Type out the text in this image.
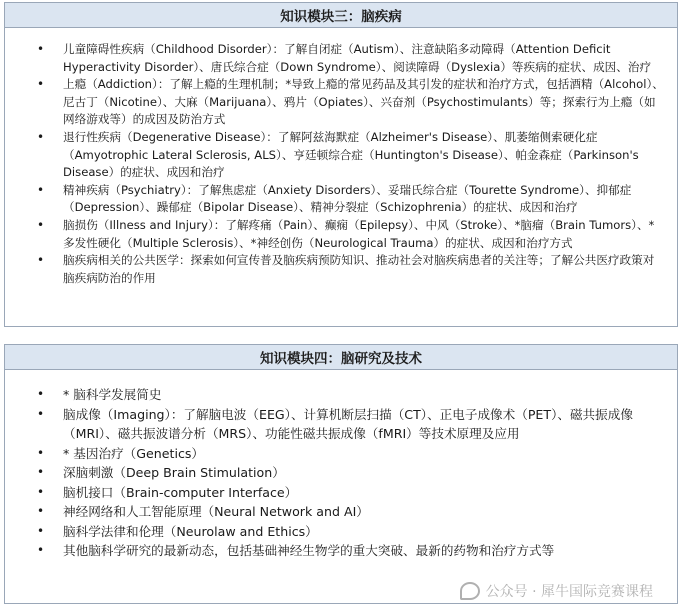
知识模块三：脑疾病
• 儿童障碍性疾病（Childhood Disorder）：了解自闭症（Autism）、注意缺陷多动障碍（Attention Deficit Hyperactivity Disorder）、唐氏综合症（Down Syndrome）、阅读障碍（Dyslexia）等疾病的症状、成因、治疗
• 上瘾（Addiction）：了解上瘾的生理机制；*导致上瘾的常见药品及其引发的症状和治疗方式，包括酒精（Alcohol）、尼古丁（Nicotine）、大麻（Marijuana）、鸦片（Opiates）、兴奋剂（Psychostimulants）等；探索行为上瘾（如网络游戏等）的成因及防治方式
• 退行性疾病（Degenerative Disease）：了解阿兹海默症（Alzheimer's Disease）、肌萎缩侧索硬化症（Amyotrophic Lateral Sclerosis, ALS）、亨廷顿综合症（Huntington's Disease）、帕金森症（Parkinson's Disease）的症状、成因和治疗
• 精神疾病（Psychiatry）：了解焦虑症（Anxiety Disorders）、妥瑞氏综合症（Tourette Syndrome）、抑郁症（Depression）、躁郁症（Bipolar Disease）、精神分裂症（Schizophrenia）的症状、成因和治疗
• 脑损伤（Illness and Injury）：了解疼痛（Pain）、癫痫（Epilepsy）、中风（Stroke）、*脑瘤（Brain Tumors）、*多发性硬化（Multiple Sclerosis）、*神经创伤（Neurological Trauma）的症状、成因和治疗方式
• 脑疾病相关的公共医学：探索如何宣传普及脑疾病预防知识、推动社会对脑疾病患者的关注等；了解公共医疗政策对脑疾病防治的作用
知识模块四：脑研究及技术
• * 脑科学发展简史
• 脑成像（Imaging）：了解脑电波（EEG）、计算机断层扫描（CT）、正电子成像术（PET）、磁共振成像（MRI）、磁共振波谱分析（MRS）、功能性磁共振成像（fMRI）等技术原理及应用
• * 基因治疗（Genetics）
• 深脑刺激（Deep Brain Stimulation）
• 脑机接口（Brain-computer Interface）
• 神经网络和人工智能原理（Neural Network and AI）
• 脑科学法律和伦理（Neurolaw and Ethics）
• 其他脑科学研究的最新动态，包括基础神经生物学的重大突破、最新的药物和治疗方式等
公众号 · 犀牛国际竞赛课程
